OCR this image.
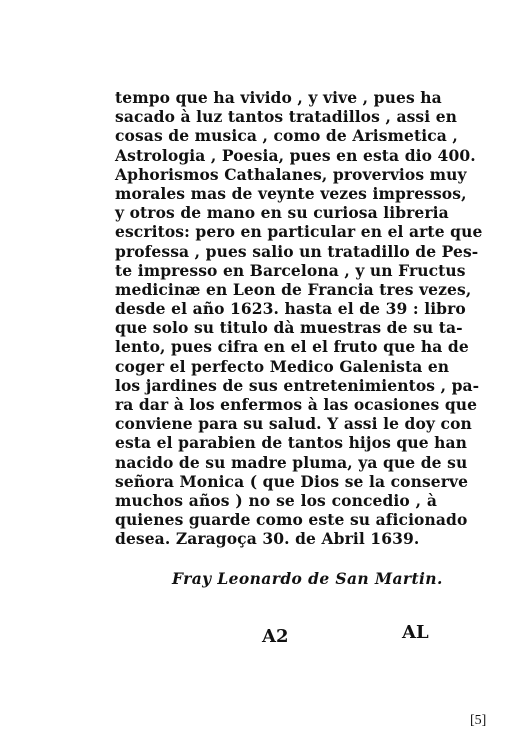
tempo que ha vivido , y vive , pues ha
sacado à luz tantos tratadillos , assi en
cosas de musica , como de Arismetica ,
Astrologia , Poesia, pues en esta dio 400.
Aphorismos Cathalanes, provervios muy
morales mas de veynte vezes impressos,
y otros de mano en su curiosa libreria
escritos: pero en particular en el arte que
professa , pues salio un tratadillo de Pes-
te impresso en Barcelona , y un Fructus
medicinæ en Leon de Francia tres vezes,
desde el año 1623. hasta el de 39 : libro
que solo su titulo dà muestras de su ta-
lento, pues cifra en el el fruto que ha de
coger el perfecto Medico Galenista en
los jardines de sus entretenimientos , pa-
ra dar à los enfermos à las ocasiones que
conviene para su salud. Y assi le doy con
esta el parabien de tantos hijos que han
nacido de su madre pluma, ya que de su
señora Monica ( que Dios se la conserve
muchos años ) no se los concedio , à
quienes guarde como este su aficionado
desea. Zaragoça 30. de Abril 1639.
Fray Leonardo de San Martin.
A2	AL
[5]
